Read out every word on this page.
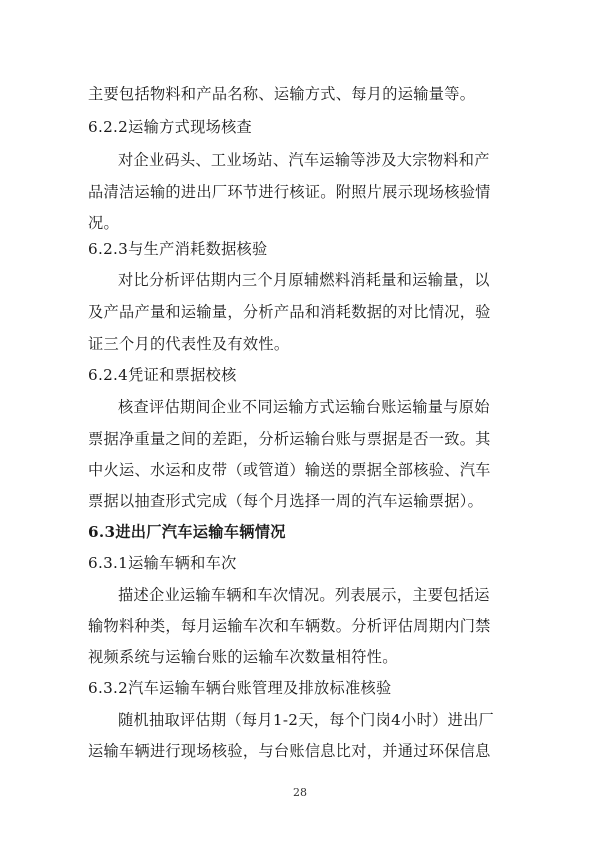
主要包括物料和产品名称、运输方式、每月的运输量等。
6.2.2运输方式现场核查
对企业码头、工业场站、汽车运输等涉及大宗物料和产
品清洁运输的进出厂环节进行核证。附照片展示现场核验情
况。
6.2.3与生产消耗数据核验
对比分析评估期内三个月原辅燃料消耗量和运输量，以
及产品产量和运输量，分析产品和消耗数据的对比情况，验
证三个月的代表性及有效性。
6.2.4凭证和票据校核
核查评估期间企业不同运输方式运输台账运输量与原始
票据净重量之间的差距，分析运输台账与票据是否一致。其
中火运、水运和皮带（或管道）输送的票据全部核验、汽车
票据以抽查形式完成（每个月选择一周的汽车运输票据）。
6.3进出厂汽车运输车辆情况
6.3.1运输车辆和车次
描述企业运输车辆和车次情况。列表展示，主要包括运
输物料种类，每月运输车次和车辆数。分析评估周期内门禁
视频系统与运输台账的运输车次数量相符性。
6.3.2汽车运输车辆台账管理及排放标准核验
随机抽取评估期（每月1-2天，每个门岗4小时）进出厂
运输车辆进行现场核验，与台账信息比对，并通过环保信息
28
